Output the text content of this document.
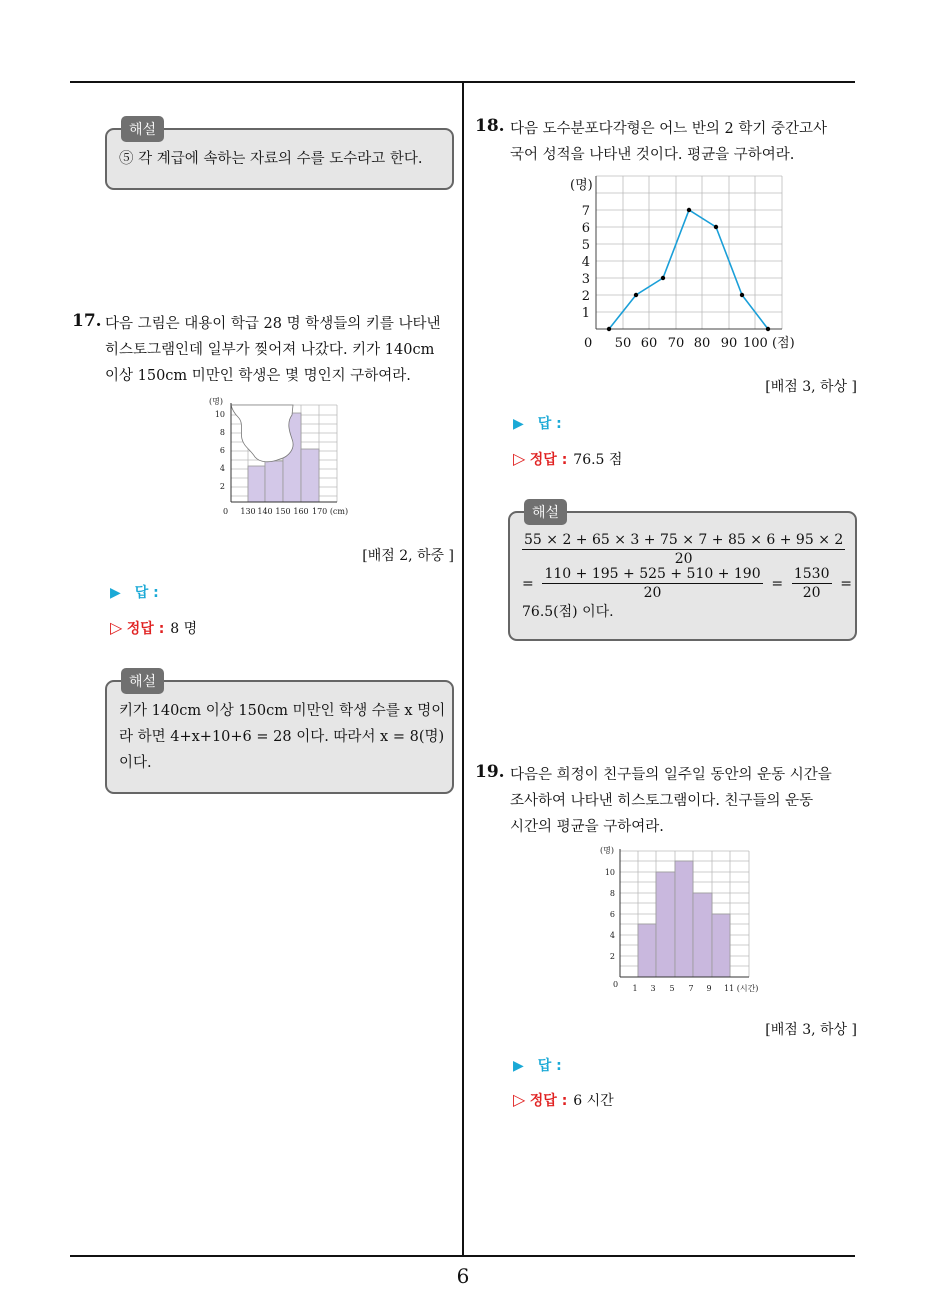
6
해설
⑤ 각 계급에 속하는 자료의 수를 도수라고 한다.
17. 다음 그림은 대용이 학급 28 명 학생들의 키를 나타낸
히스토그램인데 일부가 찢어져 나갔다. 키가 140cm
이상 150cm 미만인 학생은 몇 명인지 구하여라.
(명)
2
4
6
8
10
0 130 140 150 160 170 (cm)
[배점 2, 하중 ]
▶ 답 :
▷ 정답 : 8 명
해설
키가 140cm 이상 150cm 미만인 학생 수를 x 명이
라 하면 4+x+10+6 = 28 이다. 따라서 x = 8(명)
이다.
18. 다음 도수분포다각형은 어느 반의 2 학기 중간고사
국어 성적을 나타낸 것이다. 평균을 구하여라.
(명)
1
2
3
4
5
6
7
0 50 60 70 80 90 100 (점)
[배점 3, 하상 ]
▶ 답 :
▷ 정답 : 76.5 점
해설
$\frac{55 \times 2 + 65 \times 3 + 75 \times 7 + 85 \times 6 + 95 \times 2}{20}$
= $\frac{110 + 195 + 525 + 510 + 190}{20} = \frac{1530}{20}$ =
76.5(점) 이다.
19. 다음은 희정이 친구들의 일주일 동안의 운동 시간을
조사하여 나타낸 히스토그램이다. 친구들의 운동
시간의 평균을 구하여라.
(명)
2
4
6
8
10
0 1 3 5 7 9 11 (시간)
[배점 3, 하상 ]
▶ 답 :
▷ 정답 : 6 시간
